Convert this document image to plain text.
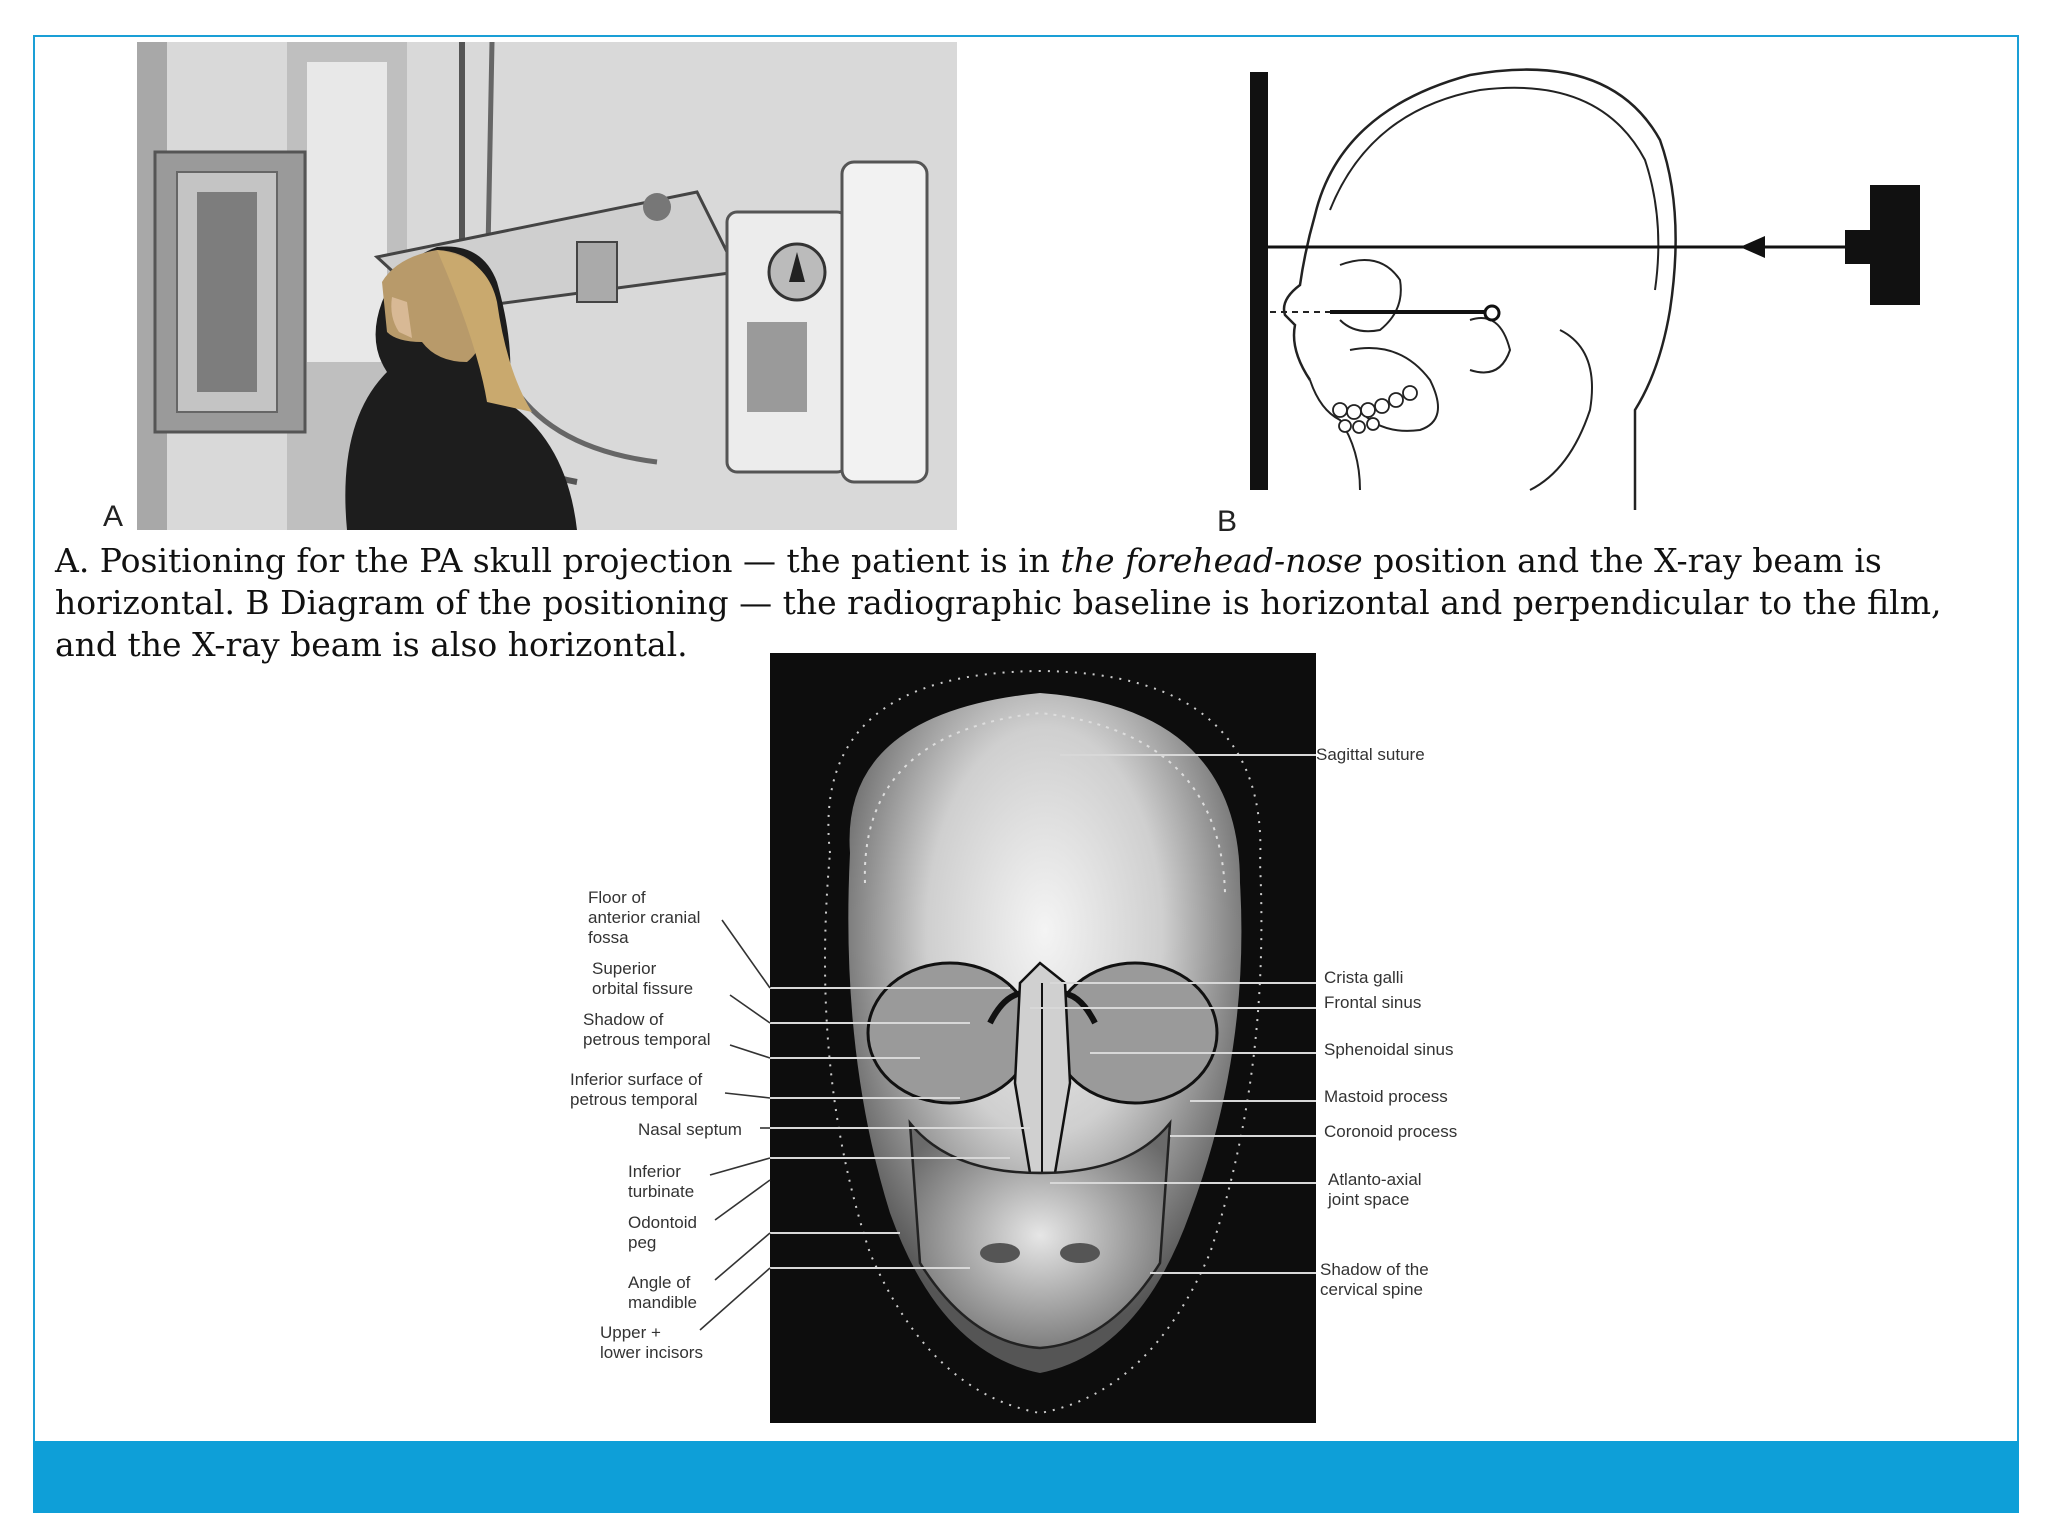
A	B
A. Positioning for the PA skull projection — the patient is in the forehead-nose position and the X-ray beam is horizontal. B Diagram of the positioning — the radiographic baseline is horizontal and perpendicular to the film, and the X-ray beam is also horizontal.
Floor of
anterior cranial
fossa
Superior
orbital fissure
Shadow of
petrous temporal
Inferior surface of
petrous temporal
Nasal septum
Inferior
turbinate
Odontoid
peg
Angle of
mandible
Upper +
lower incisors
Sagittal suture
Crista galli
Frontal sinus
Sphenoidal sinus
Mastoid process
Coronoid process
Atlanto-axial
joint space
Shadow of the
cervical spine
